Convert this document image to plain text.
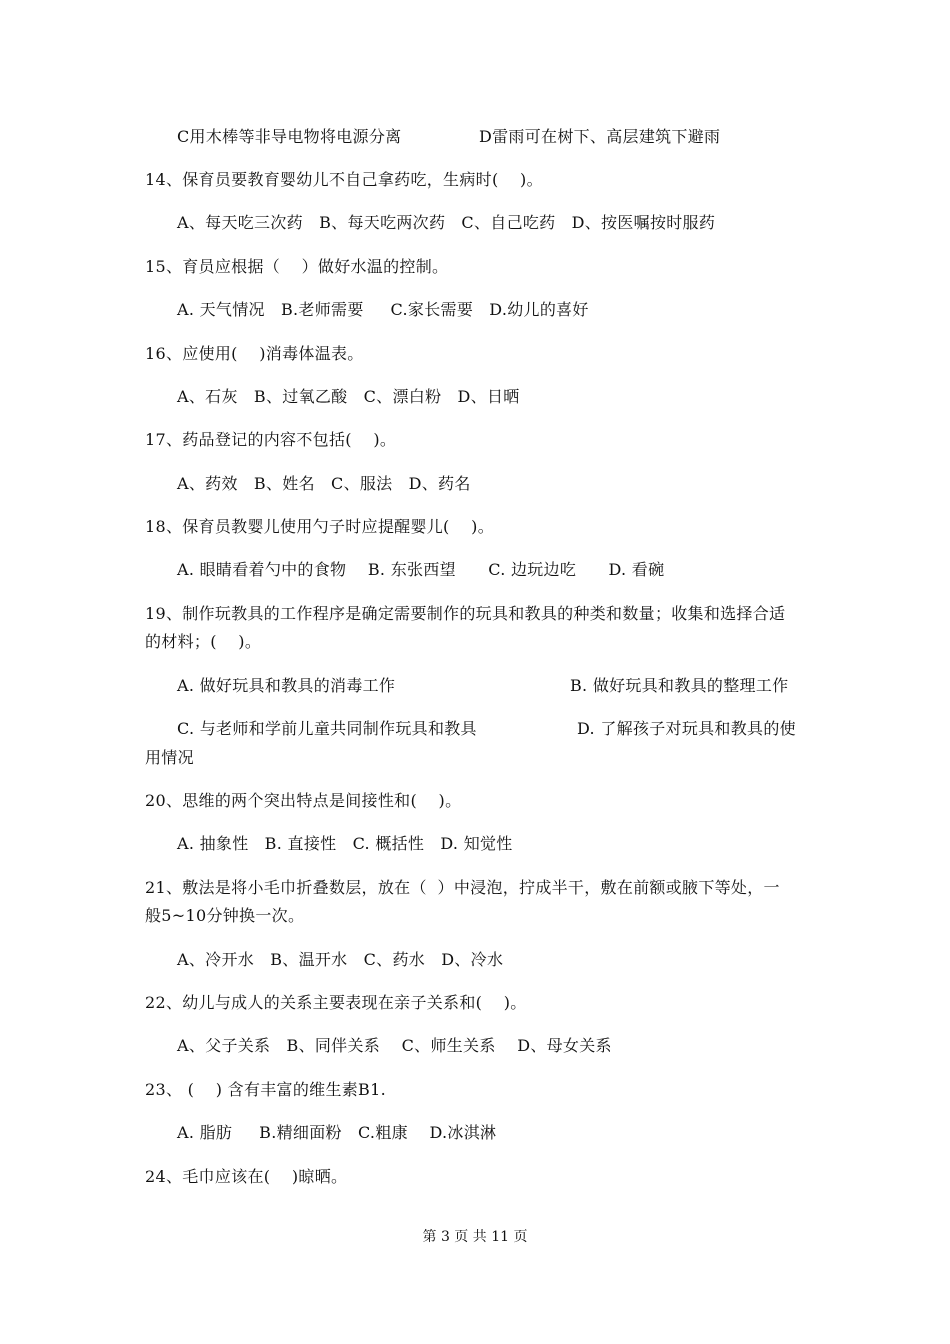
C用木棒等非导电物将电源分离	D雷雨可在树下、高层建筑下避雨
14、保育员要教育婴幼儿不自己拿药吃，生病时(    )。
A、每天吃三次药   B、每天吃两次药   C、自己吃药   D、按医嘱按时服药
15、育员应根据（    ）做好水温的控制。
A. 天气情况   B.老师需要     C.家长需要   D.幼儿的喜好
16、应使用(    )消毒体温表。
A、石灰   B、过氧乙酸   C、漂白粉   D、日晒
17、药品登记的内容不包括(    )。
A、药效   B、姓名   C、服法   D、药名
18、保育员教婴儿使用勺子时应提醒婴儿(    )。
A. 眼睛看着勺中的食物    B. 东张西望      C. 边玩边吃      D. 看碗
19、制作玩教具的工作程序是确定需要制作的玩具和教具的种类和数量；收集和选择合适
的材料；(    )。
A. 做好玩具和教具的消毒工作	B. 做好玩具和教具的整理工作
C. 与老师和学前儿童共同制作玩具和教具	D. 了解孩子对玩具和教具的使
用情况
20、思维的两个突出特点是间接性和(    )。
A. 抽象性   B. 直接性   C. 概括性   D. 知觉性
21、敷法是将小毛巾折叠数层，放在（  ）中浸泡，拧成半干，敷在前额或腋下等处，一
般5~10分钟换一次。
A、冷开水   B、温开水   C、药水   D、冷水
22、幼儿与成人的关系主要表现在亲子关系和(    )。
A、父子关系   B、同伴关系    C、师生关系    D、母女关系
23、 (    ) 含有丰富的维生素B1.
A. 脂肪     B.精细面粉   C.粗康    D.冰淇淋
24、毛巾应该在(    )晾晒。
第 3 页 共 11 页
